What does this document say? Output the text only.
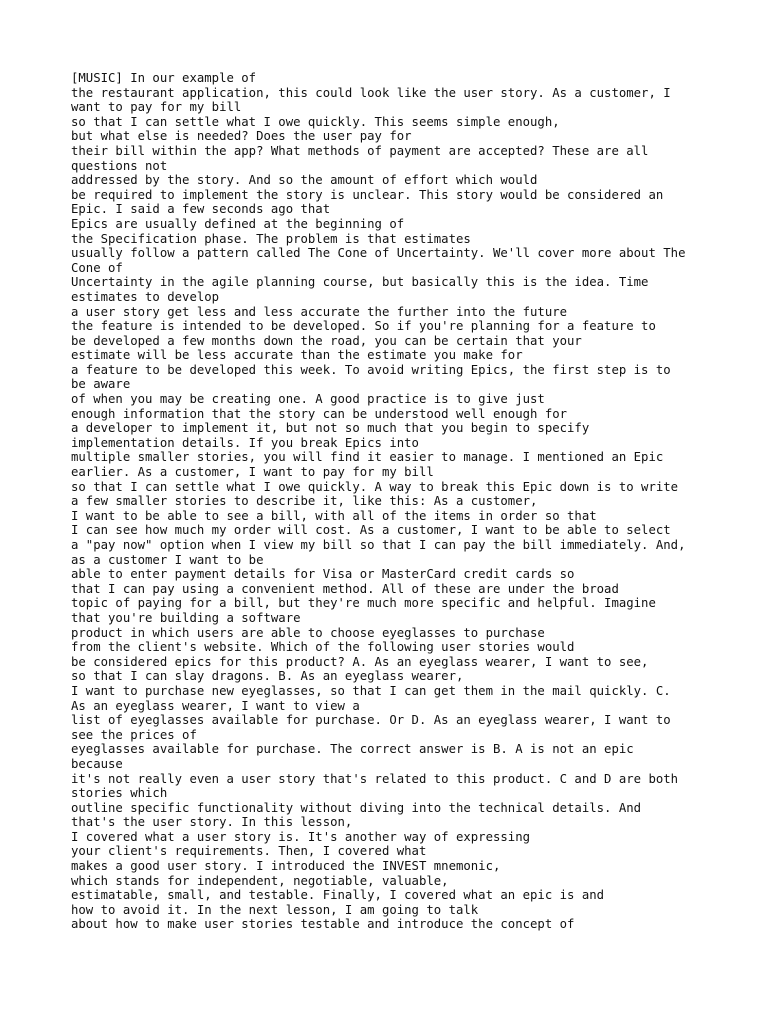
[MUSIC] In our example of
the restaurant application, this could look like the user story. As a customer, I
want to pay for my bill
so that I can settle what I owe quickly. This seems simple enough,
but what else is needed? Does the user pay for
their bill within the app? What methods of payment are accepted? These are all
questions not
addressed by the story. And so the amount of effort which would
be required to implement the story is unclear. This story would be considered an
Epic. I said a few seconds ago that
Epics are usually defined at the beginning of
the Specification phase. The problem is that estimates
usually follow a pattern called The Cone of Uncertainty. We'll cover more about The
Cone of
Uncertainty in the agile planning course, but basically this is the idea. Time
estimates to develop
a user story get less and less accurate the further into the future
the feature is intended to be developed. So if you're planning for a feature to
be developed a few months down the road, you can be certain that your
estimate will be less accurate than the estimate you make for
a feature to be developed this week. To avoid writing Epics, the first step is to
be aware
of when you may be creating one. A good practice is to give just
enough information that the story can be understood well enough for
a developer to implement it, but not so much that you begin to specify
implementation details. If you break Epics into
multiple smaller stories, you will find it easier to manage. I mentioned an Epic
earlier. As a customer, I want to pay for my bill
so that I can settle what I owe quickly. A way to break this Epic down is to write
a few smaller stories to describe it, like this: As a customer,
I want to be able to see a bill, with all of the items in order so that
I can see how much my order will cost. As a customer, I want to be able to select
a "pay now" option when I view my bill so that I can pay the bill immediately. And,
as a customer I want to be
able to enter payment details for Visa or MasterCard credit cards so
that I can pay using a convenient method. All of these are under the broad
topic of paying for a bill, but they're much more specific and helpful. Imagine
that you're building a software
product in which users are able to choose eyeglasses to purchase
from the client's website. Which of the following user stories would
be considered epics for this product? A. As an eyeglass wearer, I want to see,
so that I can slay dragons. B. As an eyeglass wearer,
I want to purchase new eyeglasses, so that I can get them in the mail quickly. C.
As an eyeglass wearer, I want to view a
list of eyeglasses available for purchase. Or D. As an eyeglass wearer, I want to
see the prices of
eyeglasses available for purchase. The correct answer is B. A is not an epic
because
it's not really even a user story that's related to this product. C and D are both
stories which
outline specific functionality without diving into the technical details. And
that's the user story. In this lesson,
I covered what a user story is. It's another way of expressing
your client's requirements. Then, I covered what
makes a good user story. I introduced the INVEST mnemonic,
which stands for independent, negotiable, valuable,
estimatable, small, and testable. Finally, I covered what an epic is and
how to avoid it. In the next lesson, I am going to talk
about how to make user stories testable and introduce the concept of
